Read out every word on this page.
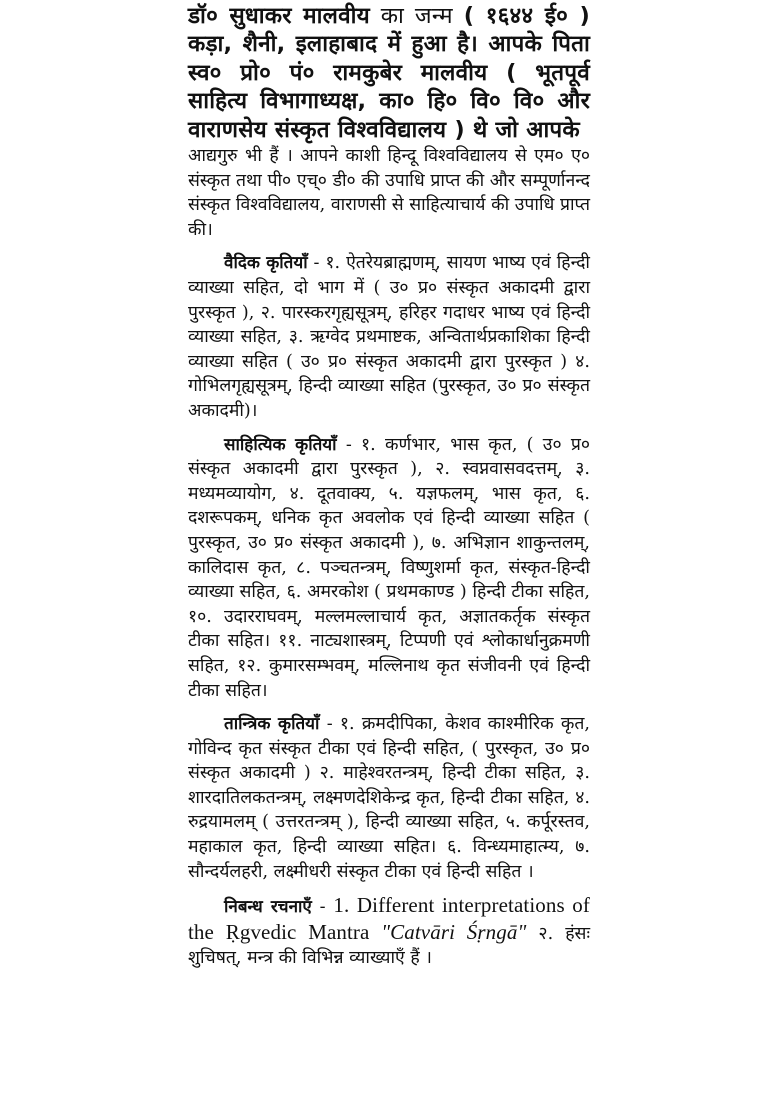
डॉ० सुधाकर मालवीय का जन्म ( १६४४ ई० ) कड़ा, शैनी, इलाहाबाद में हुआ है। आपके पिता स्व० प्रो० पं० रामकुबेर मालवीय ( भूतपूर्व साहित्य विभागाध्यक्ष, का० हि० वि० वि० और वाराणसेय संस्कृत विश्वविद्यालय ) थे जो आपके

आद्यगुरु भी हैं । आपने काशी हिन्दू विश्वविद्यालय से एम० ए० संस्कृत तथा पी० एच्० डी० की उपाधि प्राप्त की और सम्पूर्णानन्द संस्कृत विश्वविद्यालय, वाराणसी से साहित्याचार्य की उपाधि प्राप्त की।

वैदिक कृतियाँ - १. ऐतरेयब्राह्मणम्, सायण भाष्य एवं हिन्दी व्याख्या सहित, दो भाग में ( उ० प्र० संस्कृत अकादमी द्वारा पुरस्कृत ), २. पारस्करगृह्यसूत्रम्, हरिहर गदाधर भाष्य एवं हिन्दी व्याख्या सहित, ३. ऋग्वेद प्रथमाष्टक, अन्वितार्थप्रकाशिका हिन्दी व्याख्या सहित ( उ० प्र० संस्कृत अकादमी द्वारा पुरस्कृत ) ४. गोभिलगृह्यसूत्रम्, हिन्दी व्याख्या सहित (पुरस्कृत, उ० प्र० संस्कृत अकादमी)।

साहित्यिक कृतियाँ - १. कर्णभार, भास कृत, ( उ० प्र० संस्कृत अकादमी द्वारा पुरस्कृत ), २. स्वप्नवासवदत्तम्, ३. मध्यमव्यायोग, ४. दूतवाक्य, ५. यज्ञफलम्, भास कृत, ६. दशरूपकम्, धनिक कृत अवलोक एवं हिन्दी व्याख्या सहित ( पुरस्कृत, उ० प्र० संस्कृत अकादमी ), ७. अभिज्ञान शाकुन्तलम्, कालिदास कृत, ८. पञ्चतन्त्रम्, विष्णुशर्मा कृत, संस्कृत-हिन्दी व्याख्या सहित, ६. अमरकोश ( प्रथमकाण्ड ) हिन्दी टीका सहित, १०. उदारराघवम्, मल्लमल्लाचार्य कृत, अज्ञातकर्तृक संस्कृत टीका सहित। ११. नाट्यशास्त्रम्, टिप्पणी एवं श्लोकार्धानुक्रमणी सहित, १२. कुमारसम्भवम्, मल्लिनाथ कृत संजीवनी एवं हिन्दी टीका सहित।

तान्त्रिक कृतियाँ - १. क्रमदीपिका, केशव काश्मीरिक कृत, गोविन्द कृत संस्कृत टीका एवं हिन्दी सहित, ( पुरस्कृत, उ० प्र० संस्कृत अकादमी ) २. माहेश्वरतन्त्रम्, हिन्दी टीका सहित, ३. शारदातिलकतन्त्रम्, लक्ष्मणदेशिकेन्द्र कृत, हिन्दी टीका सहित, ४. रुद्रयामलम् ( उत्तरतन्त्रम् ), हिन्दी व्याख्या सहित, ५. कर्पूरस्तव, महाकाल कृत, हिन्दी व्याख्या सहित। ६. विन्ध्यमाहात्म्य, ७. सौन्दर्यलहरी, लक्ष्मीधरी संस्कृत टीका एवं हिन्दी सहित ।

निबन्ध रचनाएँ - 1. Different interpretations of the Ṛgvedic Mantra "Catvāri Śṛngā" २. हंसः शुचिषत्, मन्त्र की विभिन्न व्याख्याएँ हैं ।
